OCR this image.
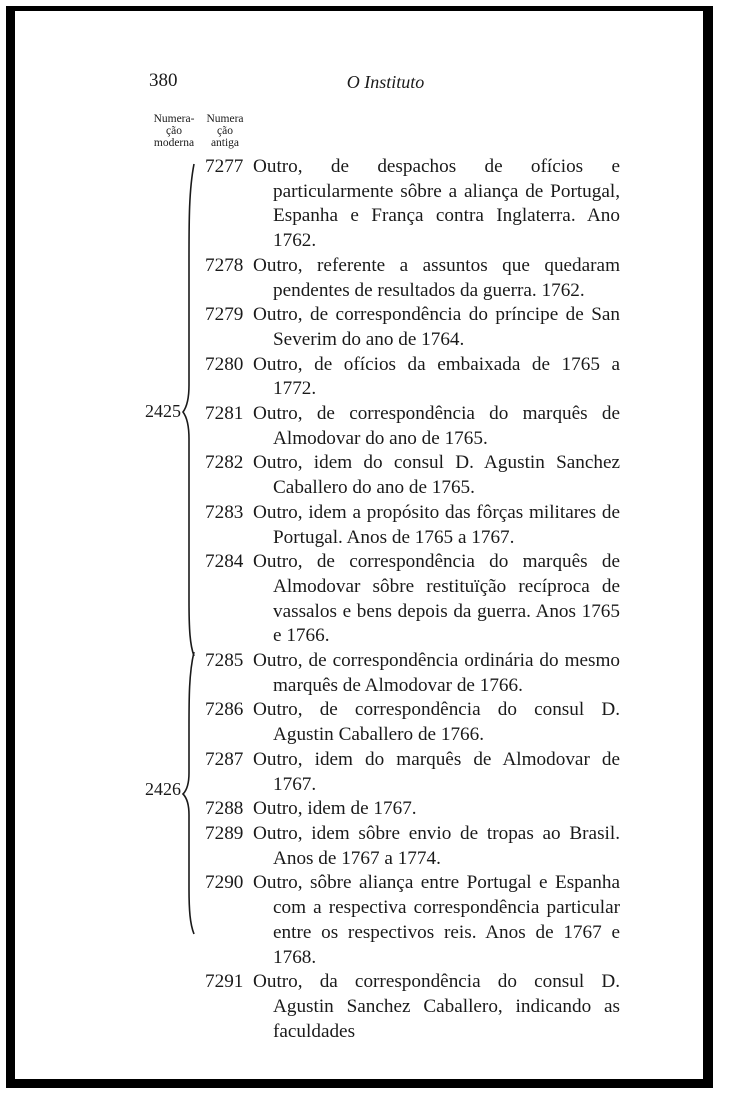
380	O Instituto
Numera-
ção
moderna
Numera
ção
antiga
2425
2426
7277 Outro, de despachos de ofícios e particularmente sôbre a aliança de Portugal, Espanha e França contra Inglaterra. Ano 1762.
7278 Outro, referente a assuntos que quedaram pendentes de resultados da guerra. 1762.
7279 Outro, de correspondência do príncipe de San Severim do ano de 1764.
7280 Outro, de ofícios da embaixada de 1765 a 1772.
7281 Outro, de correspondência do marquês de Almodovar do ano de 1765.
7282 Outro, idem do consul D. Agustin Sanchez Caballero do ano de 1765.
7283 Outro, idem a propósito das fôrças militares de Portugal. Anos de 1765 a 1767.
7284 Outro, de correspondência do marquês de Almodovar sôbre restituïção recíproca de vassalos e bens depois da guerra. Anos 1765 e 1766.
7285 Outro, de correspondência ordinária do mesmo marquês de Almodovar de 1766.
7286 Outro, de correspondência do consul D. Agustin Caballero de 1766.
7287 Outro, idem do marquês de Almodovar de 1767.
7288 Outro, idem de 1767.
7289 Outro, idem sôbre envio de tropas ao Brasil. Anos de 1767 a 1774.
7290 Outro, sôbre aliança entre Portugal e Espanha com a respectiva correspondência particular entre os respectivos reis. Anos de 1767 e 1768.
7291 Outro, da correspondência do consul D. Agustin Sanchez Caballero, indicando as faculdades
